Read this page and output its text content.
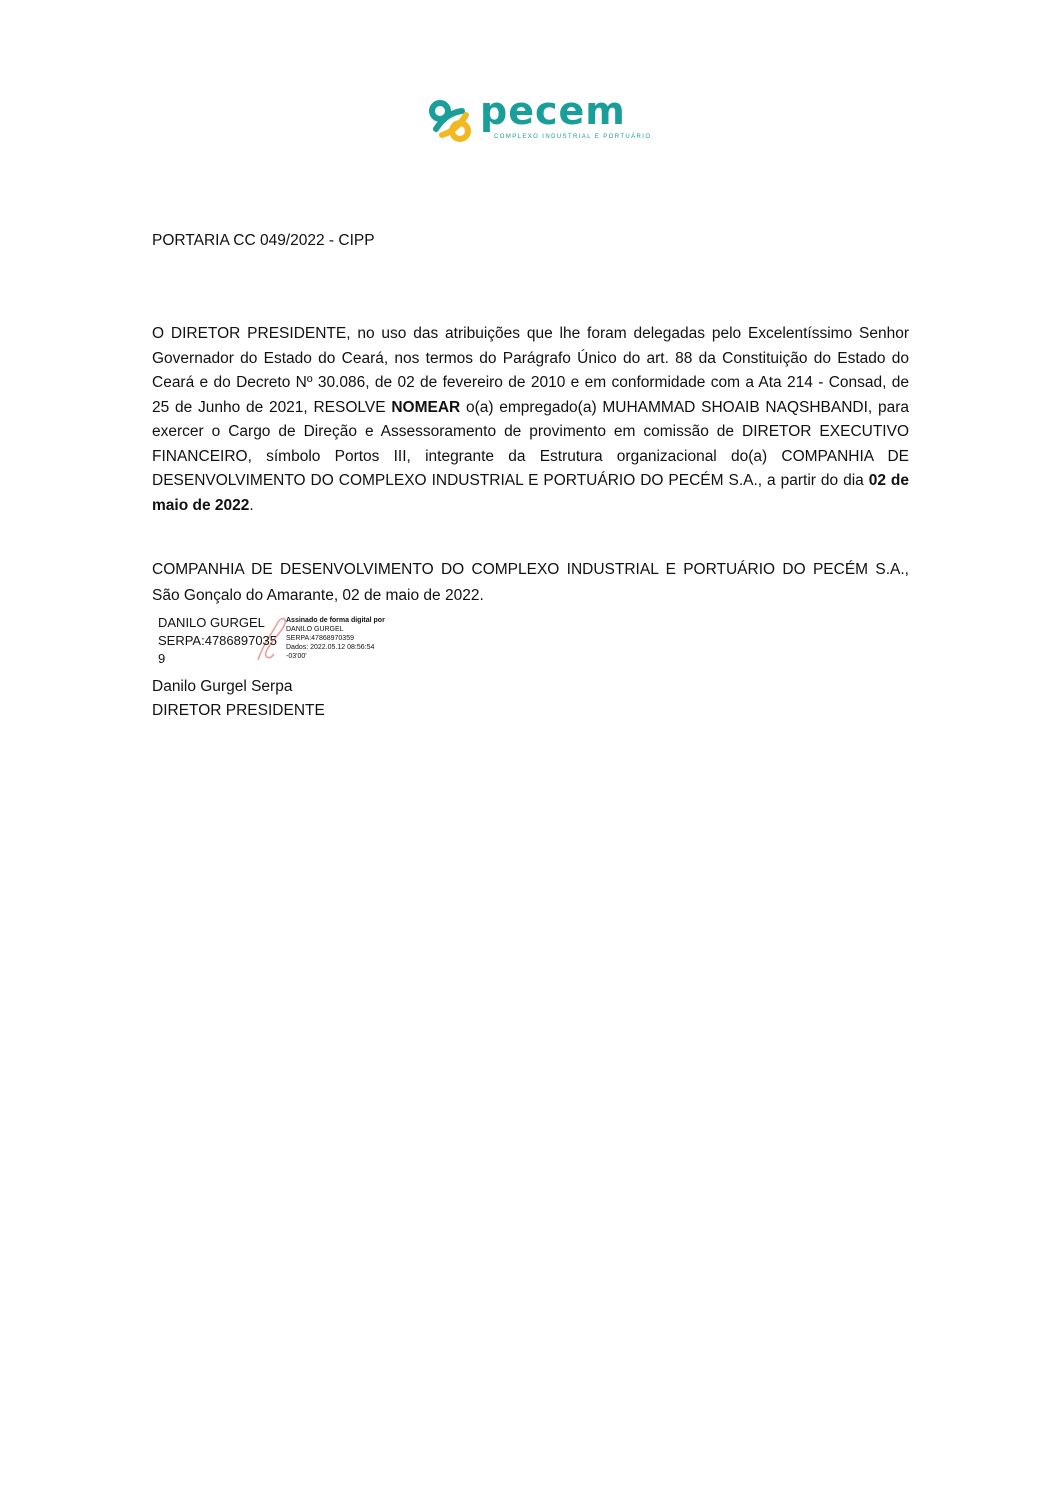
pecem
COMPLEXO INDUSTRIAL E PORTUÁRIO
PORTARIA CC 049/2022 - CIPP
O DIRETOR PRESIDENTE, no uso das atribuições que lhe foram delegadas pelo Excelentíssimo Senhor Governador do Estado do Ceará, nos termos do Parágrafo Único do art. 88 da Constituição do Estado do Ceará e do Decreto Nº 30.086, de 02 de fevereiro de 2010 e em conformidade com a Ata 214 - Consad, de 25 de Junho de 2021, RESOLVE NOMEAR o(a) empregado(a) MUHAMMAD SHOAIB NAQSHBANDI, para exercer o Cargo de Direção e Assessoramento de provimento em comissão de DIRETOR EXECUTIVO FINANCEIRO, símbolo Portos III, integrante da Estrutura organizacional do(a) COMPANHIA DE DESENVOLVIMENTO DO COMPLEXO INDUSTRIAL E PORTUÁRIO DO PECÉM S.A., a partir do dia 02 de maio de 2022.
COMPANHIA DE DESENVOLVIMENTO DO COMPLEXO INDUSTRIAL E PORTUÁRIO DO PECÉM S.A., São Gonçalo do Amarante, 02 de maio de 2022.
DANILO GURGEL
SERPA:4786897035
9
Assinado de forma digital por
DANILO GURGEL
SERPA:47868970359
Dados: 2022.05.12 08:56:54
-03'00'
Danilo Gurgel Serpa
DIRETOR PRESIDENTE
